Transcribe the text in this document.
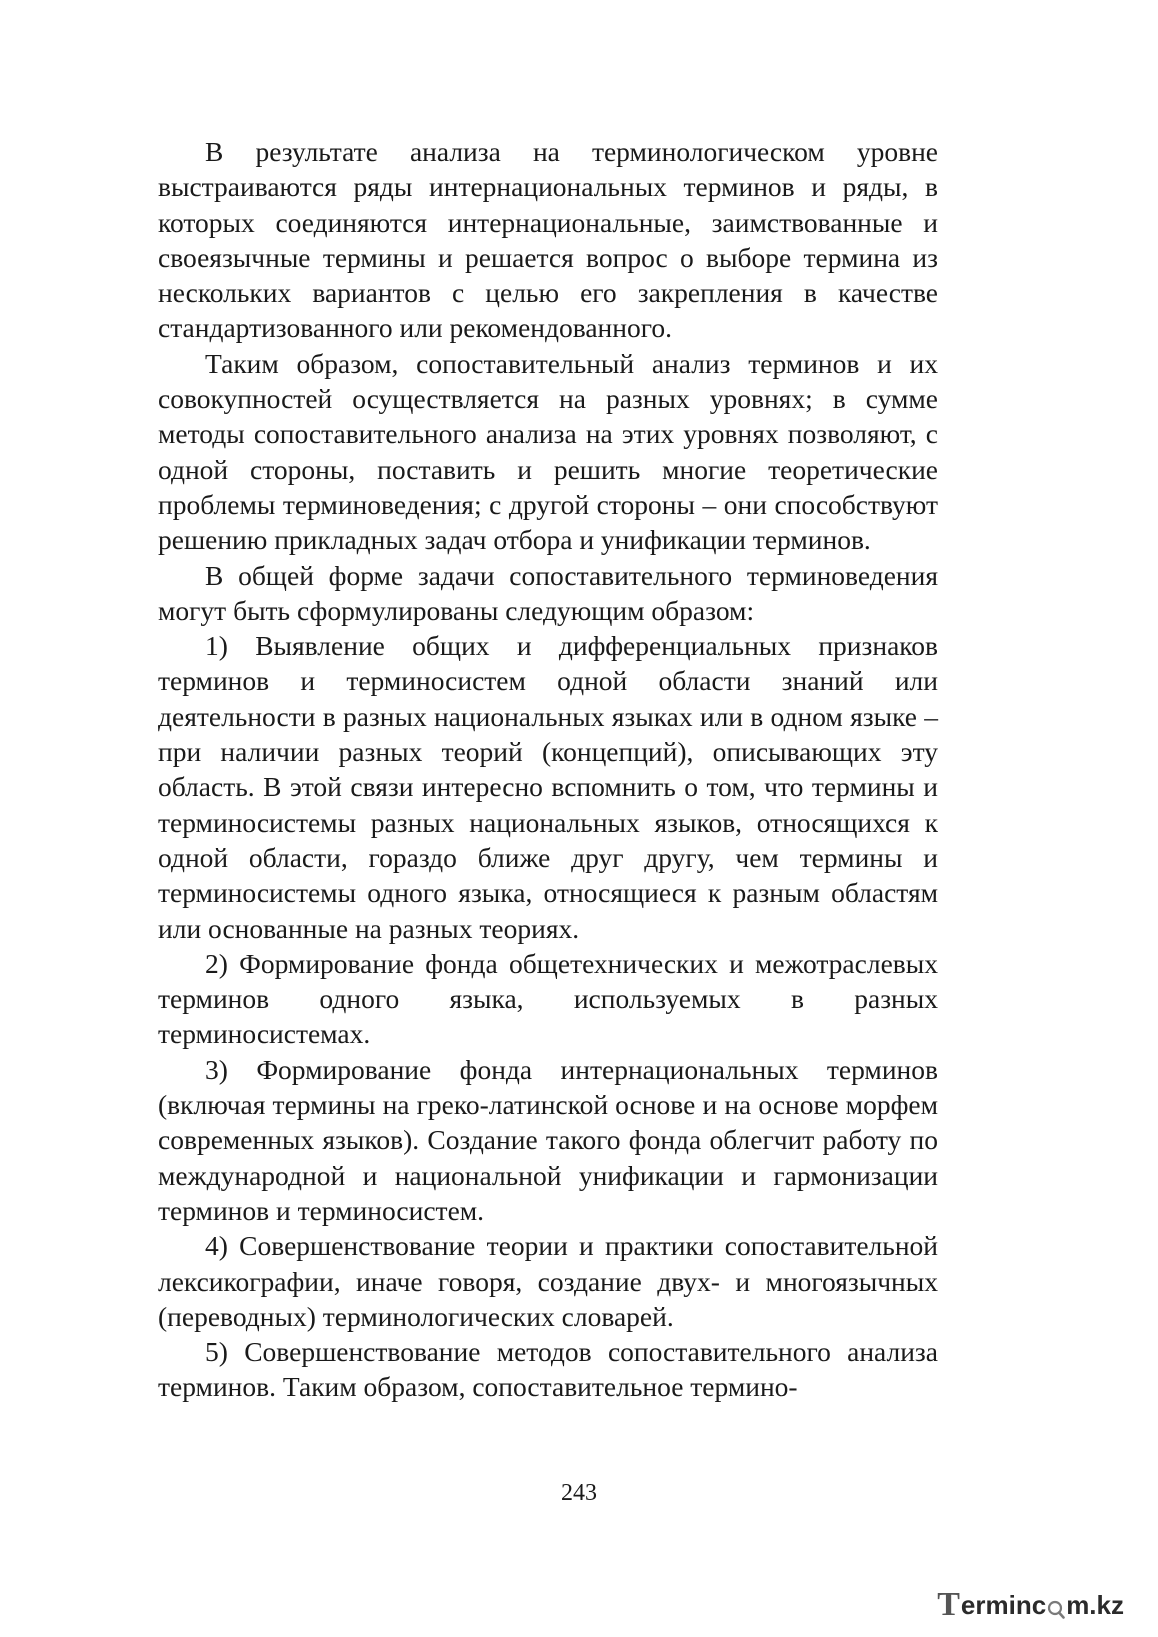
В результате анализа на терминологическом уровне выстраиваются ряды интернациональных терминов и ряды, в которых соединяются интернациональные, заимствованные и своеязычные термины и решается вопрос о выборе термина из нескольких вариантов с целью его закрепления в качестве стандартизованного или рекомендованного.

Таким образом, сопоставительный анализ терминов и их совокупностей осуществляется на разных уровнях; в сумме методы сопоставительного анализа на этих уровнях позволяют, с одной стороны, поставить и решить многие теоретические проблемы терминоведения; с другой стороны – они способствуют решению прикладных задач отбора и унификации терминов.

В общей форме задачи сопоставительного терминоведения могут быть сформулированы следующим образом:

1) Выявление общих и дифференциальных признаков терминов и терминосистем одной области знаний или деятельности в разных национальных языках или в одном языке – при наличии разных теорий (концепций), описывающих эту область. В этой связи интересно вспомнить о том, что термины и терминосистемы разных национальных языков, относящихся к одной области, гораздо ближе друг другу, чем термины и терминосистемы одного языка, относящиеся к разным областям или основанные на разных теориях.

2) Формирование фонда общетехнических и межотраслевых терминов одного языка, используемых в разных терминосистемах.

3) Формирование фонда интернациональных терминов (включая термины на греко-латинской основе и на основе морфем современных языков). Создание такого фонда облегчит работу по международной и национальной унификации и гармонизации терминов и терминосистем.

4) Совершенствование теории и практики сопоставительной лексикографии, иначе говоря, создание двух- и многоязычных (переводных) терминологических словарей.

5) Совершенствование методов сопоставительного анализа терминов. Таким образом, сопоставительное термино-

243
T erminc m.kz
